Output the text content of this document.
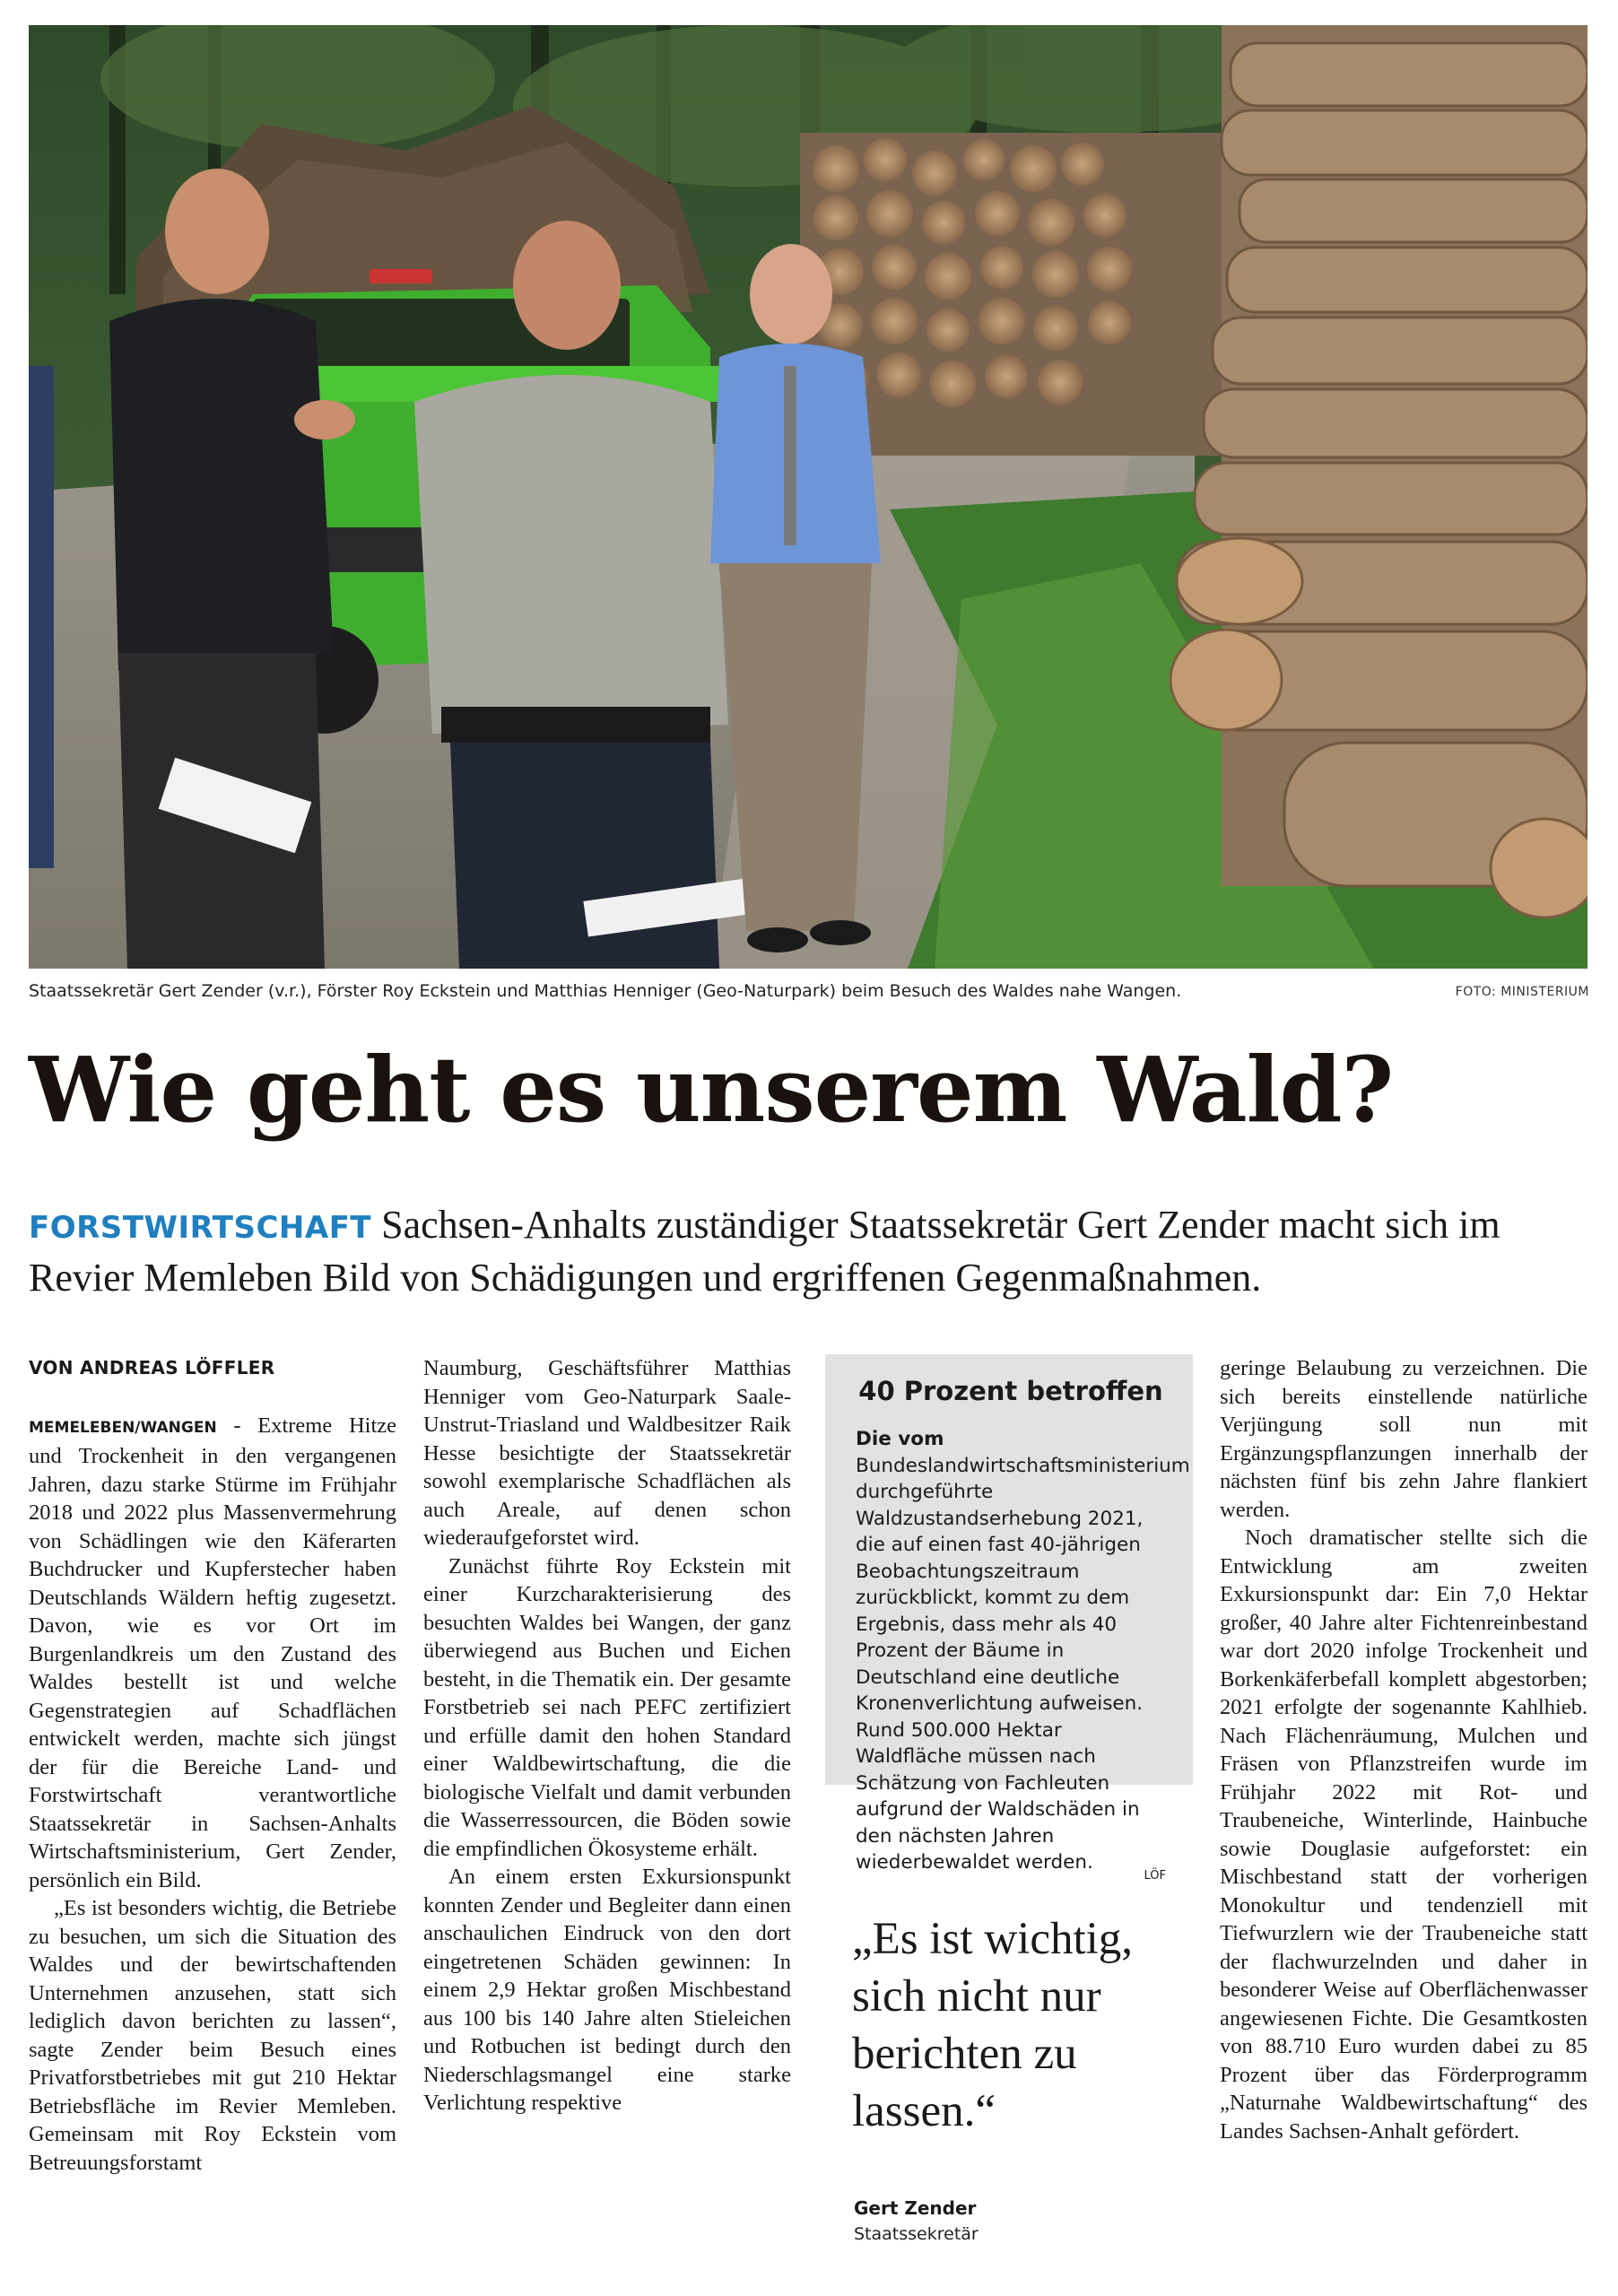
Staatssekretär Gert Zender (v.r.), Förster Roy Eckstein und Matthias Henniger (Geo-Naturpark) beim Besuch des Waldes nahe Wangen.	FOTO: MINISTERIUM
Wie geht es unserem Wald?
FORSTWIRTSCHAFT Sachsen-Anhalts zuständiger Staatssekretär Gert Zender macht sich im Revier Memleben Bild von Schädigungen und ergriffenen Gegenmaßnahmen.
VON ANDREAS LÖFFLER

MEMELEBEN/WANGEN - Extreme Hitze und Trockenheit in den vergangenen Jahren, dazu starke Stürme im Frühjahr 2018 und 2022 plus Massenvermehrung von Schädlingen wie den Käferarten Buchdrucker und Kupferstecher haben Deutschlands Wäldern heftig zugesetzt. Davon, wie es vor Ort im Burgenlandkreis um den Zustand des Waldes bestellt ist und welche Gegenstrategien auf Schadflächen entwickelt werden, machte sich jüngst der für die Bereiche Land- und Forstwirtschaft verantwortliche Staatssekretär in Sachsen-Anhalts Wirtschaftsministerium, Gert Zender, persönlich ein Bild.

„Es ist besonders wichtig, die Betriebe zu besuchen, um sich die Situation des Waldes und der bewirtschaftenden Unternehmen anzusehen, statt sich lediglich davon berichten zu lassen“, sagte Zender beim Besuch eines Privatforstbetriebes mit gut 210 Hektar Betriebsfläche im Revier Memleben. Gemeinsam mit Roy Eckstein vom Betreuungsforstamt

Naumburg, Geschäftsführer Matthias Henniger vom Geo-Naturpark Saale-Unstrut-Triasland und Waldbesitzer Raik Hesse besichtigte der Staatssekretär sowohl exemplarische Schadflächen als auch Areale, auf denen schon wiederaufgeforstet wird.

Zunächst führte Roy Eckstein mit einer Kurzcharakterisierung des besuchten Waldes bei Wangen, der ganz überwiegend aus Buchen und Eichen besteht, in die Thematik ein. Der gesamte Forstbetrieb sei nach PEFC zertifiziert und erfülle damit den hohen Standard einer Waldbewirtschaftung, die die biologische Vielfalt und damit verbunden die Wasserressourcen, die Böden sowie die empfindlichen Ökosysteme erhält.

An einem ersten Exkursionspunkt konnten Zender und Begleiter dann einen anschaulichen Eindruck von den dort eingetretenen Schäden gewinnen: In einem 2,9 Hektar großen Mischbestand aus 100 bis 140 Jahre alten Stieleichen und Rotbuchen ist bedingt durch den Niederschlagsmangel eine starke Verlichtung respektive

40 Prozent betroffen
Die vom Bundeslandwirtschaftsministerium durchgeführte Waldzustandserhebung 2021, die auf einen fast 40-jährigen Beobachtungszeitraum zurückblickt, kommt zu dem Ergebnis, dass mehr als 40 Prozent der Bäume in Deutschland eine deutliche Kronenverlichtung aufweisen. Rund 500.000 Hektar Waldfläche müssen nach Schätzung von Fachleuten aufgrund der Waldschäden in den nächsten Jahren wiederbewaldet werden.
LÖF
„Es ist wichtig, sich nicht nur berichten zu lassen.“
Gert Zender
Staatssekretär

geringe Belaubung zu verzeichnen. Die sich bereits einstellende natürliche Verjüngung soll nun mit Ergänzungspflanzungen innerhalb der nächsten fünf bis zehn Jahre flankiert werden.

Noch dramatischer stellte sich die Entwicklung am zweiten Exkursionspunkt dar: Ein 7,0 Hektar großer, 40 Jahre alter Fichtenreinbestand war dort 2020 infolge Trockenheit und Borkenkäferbefall komplett abgestorben; 2021 erfolgte der sogenannte Kahlhieb. Nach Flächenräumung, Mulchen und Fräsen von Pflanzstreifen wurde im Frühjahr 2022 mit Rot- und Traubeneiche, Winterlinde, Hainbuche sowie Douglasie aufgeforstet: ein Mischbestand statt der vorherigen Monokultur und tendenziell mit Tiefwurzlern wie der Traubeneiche statt der flachwurzelnden und daher in besonderer Weise auf Oberflächenwasser angewiesenen Fichte. Die Gesamtkosten von 88.710 Euro wurden dabei zu 85 Prozent über das Förderprogramm „Naturnahe Waldbewirtschaftung“ des Landes Sachsen-Anhalt gefördert.
